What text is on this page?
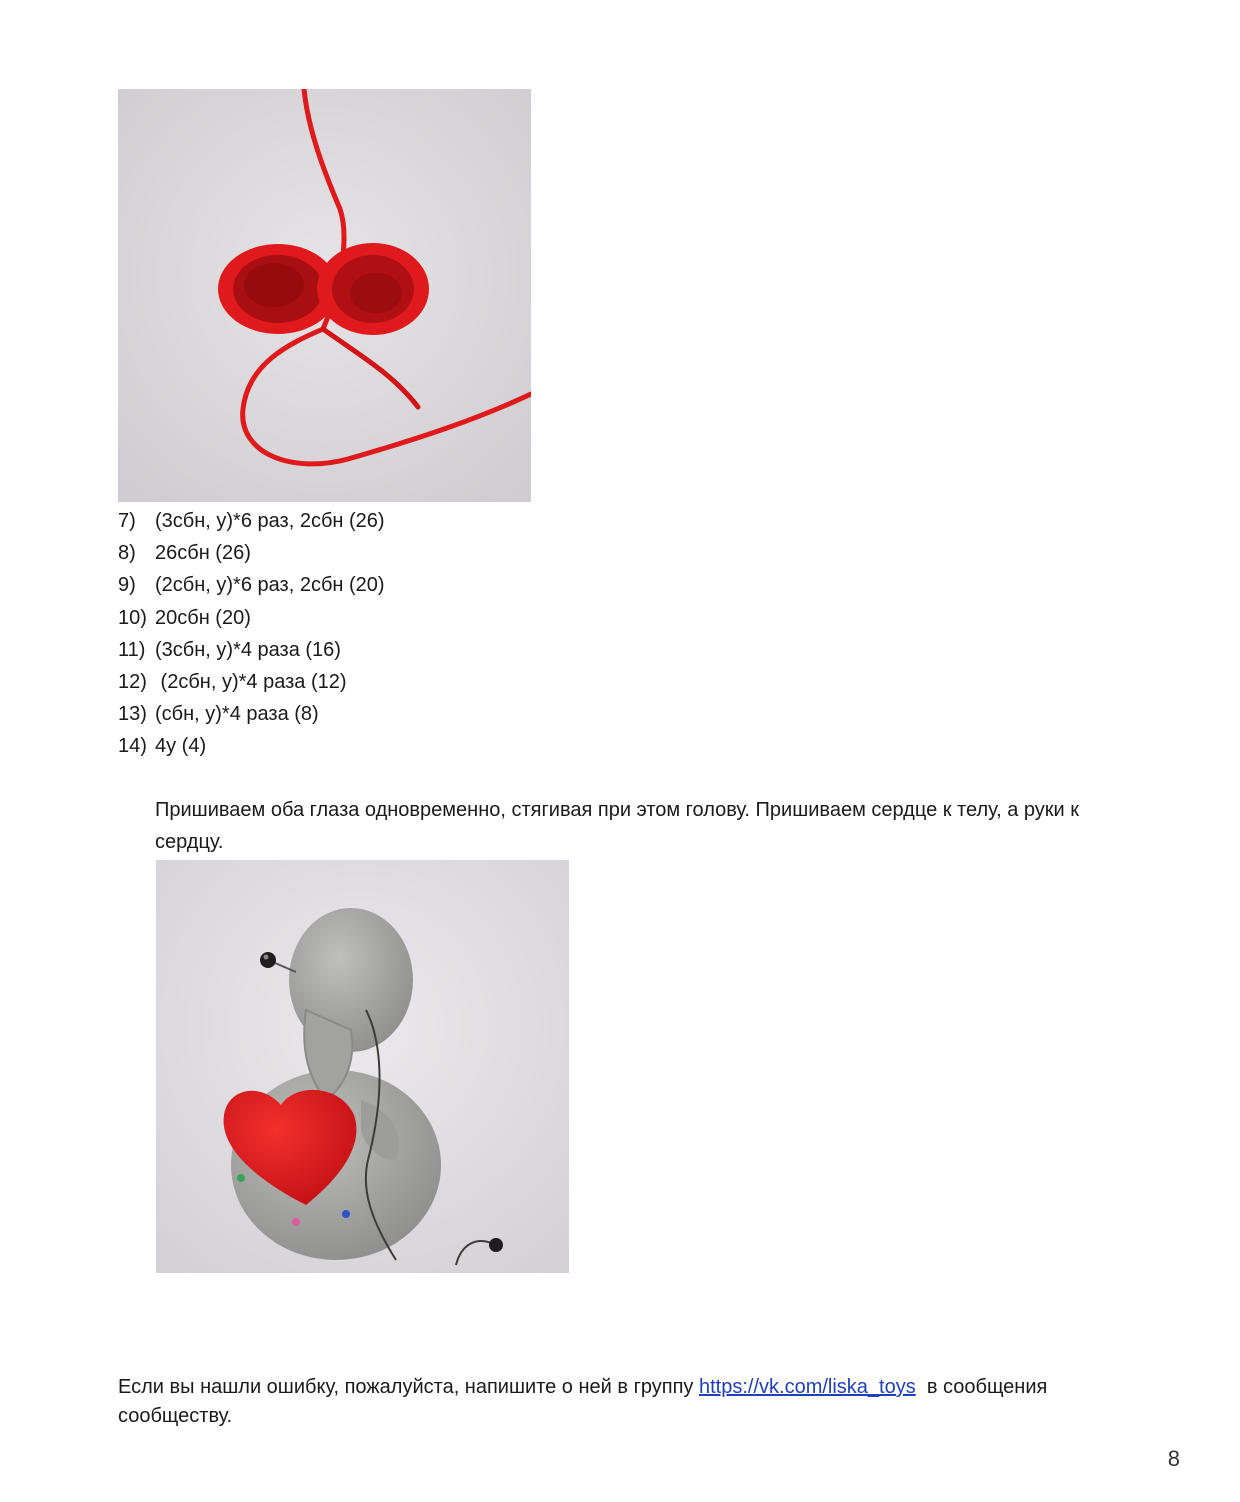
7) (3сбн, у)*6 раз, 2сбн (26)
8) 26сбн (26)
9) (2сбн, у)*6 раз, 2сбн (20)
10) 20сбн (20)
11) (3сбн, у)*4 раза (16)
12) (2сбн, у)*4 раза (12)
13) (сбн, у)*4 раза (8)
14) 4у (4)

Пришиваем оба глаза одновременно, стягивая при этом голову. Пришиваем сердце к телу, а руки к сердцу.

Если вы нашли ошибку, пожалуйста, напишите о ней в группу https://vk.com/liska_toys  в сообщения сообществу.

8
